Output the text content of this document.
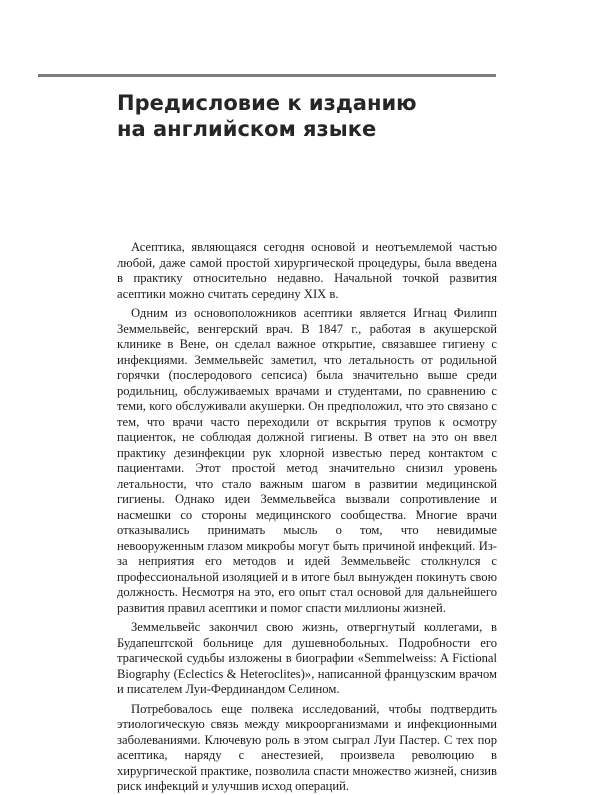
Предисловие к изданию
на английском языке

Асептика, являющаяся сегодня основой и неотъемлемой частью любой, даже самой простой хирургической процедуры, была введена в практику относительно недавно. Начальной точкой развития асептики можно считать середину XIX в.

Одним из основоположников асептики является Игнац Филипп Земмельвейс, венгерский врач. В 1847 г., работая в акушерской клинике в Вене, он сделал важное открытие, связавшее гигиену с инфекциями. Земмельвейс заметил, что летальность от родильной горячки (послеродового сепсиса) была значительно выше среди родильниц, обслуживаемых врачами и студентами, по сравнению с теми, кого обслуживали акушерки. Он предположил, что это связано с тем, что врачи часто переходили от вскрытия трупов к осмотру пациенток, не соблюдая должной гигиены. В ответ на это он ввел практику дезинфекции рук хлорной известью перед контактом с пациентами. Этот простой метод значительно снизил уровень летальности, что стало важным шагом в развитии медицинской гигиены. Однако идеи Земмельвейса вызвали сопротивление и насмешки со стороны медицинского сообщества. Многие врачи отказывались принимать мысль о том, что невидимые невооруженным глазом микробы могут быть причиной инфекций. Из-за неприятия его методов и идей Земмельвейс столкнулся с профессиональной изоляцией и в итоге был вынужден покинуть свою должность. Несмотря на это, его опыт стал основой для дальнейшего развития правил асептики и помог спасти миллионы жизней.

Земмельвейс закончил свою жизнь, отвергнутый коллегами, в Будапештской больнице для душевнобольных. Подробности его трагической судьбы изложены в биографии «Semmelweiss: A Fictional Biography (Eclectics & Heteroclites)», написанной французским врачом и писателем Луи-Фердинандом Селином.

Потребовалось еще полвека исследований, чтобы подтвердить этиологическую связь между микроорганизмами и инфекционными заболеваниями. Ключевую роль в этом сыграл Луи Пастер. С тех пор асептика, наряду с анестезией, произвела революцию в хирургической практике, позволила спасти множество жизней, снизив риск инфекций и улучшив исход операций.
